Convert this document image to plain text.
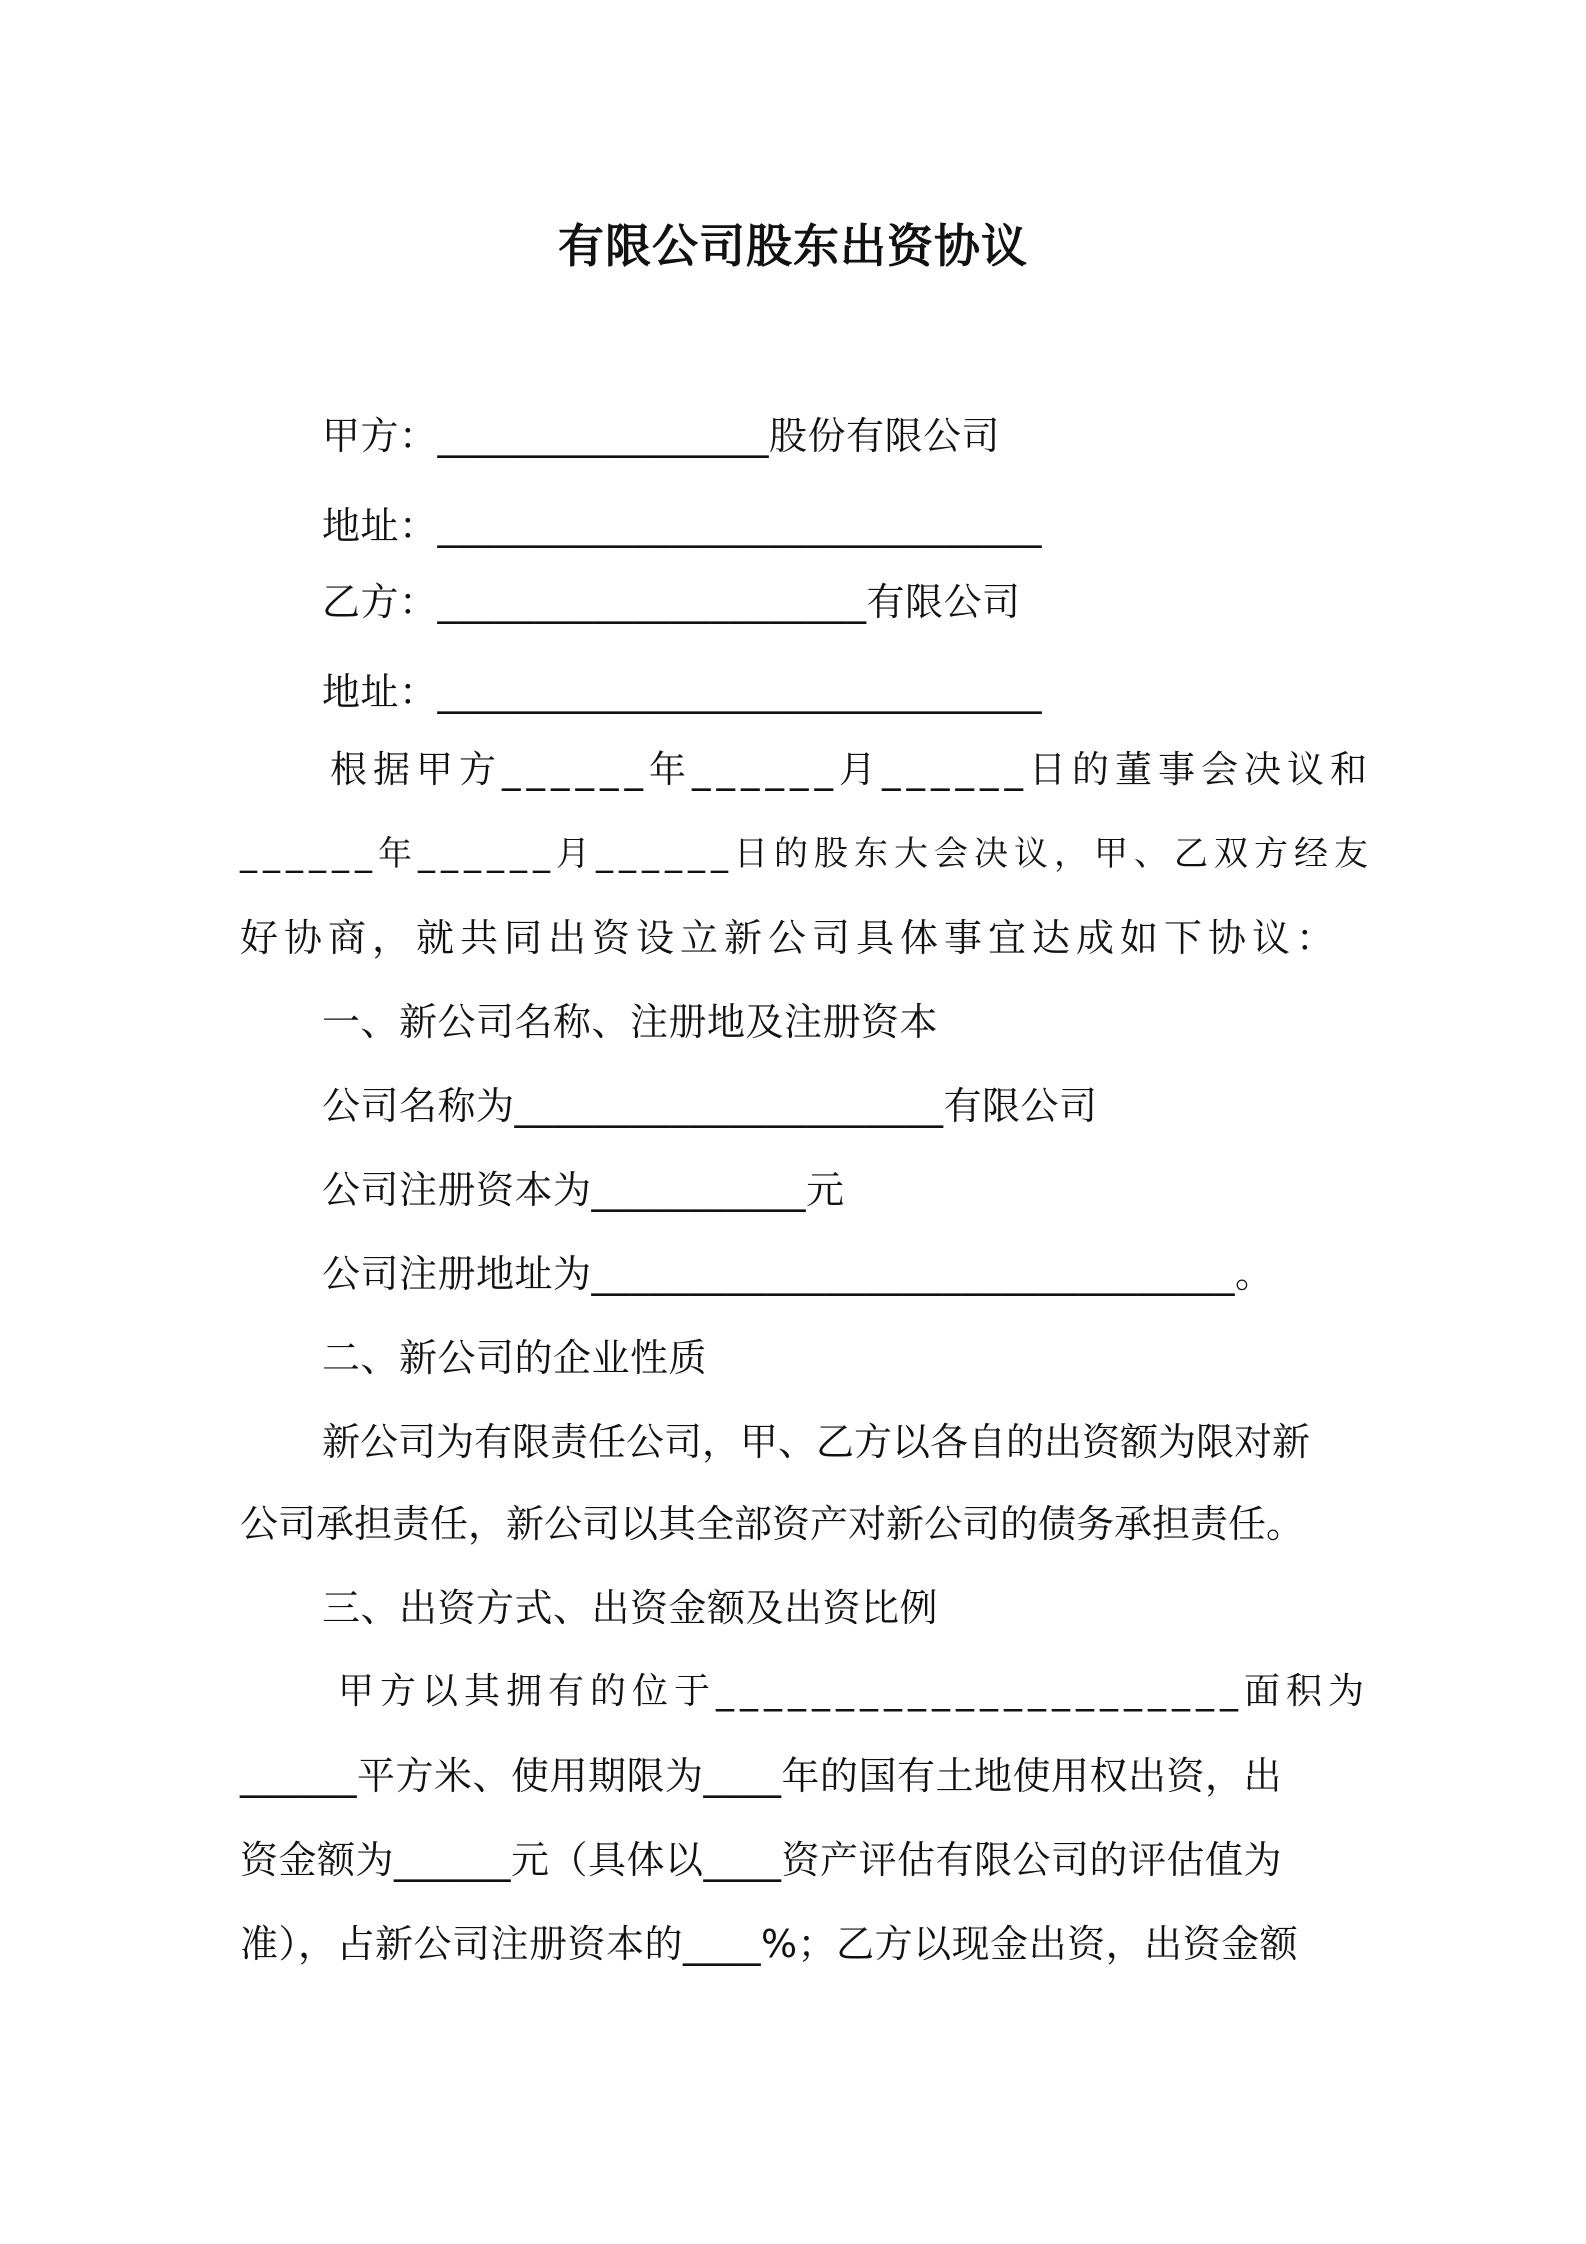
有限公司股东出资协议
甲方：_________________股份有限公司
地址：_______________________________
乙方：______________________有限公司
地址：_______________________________
根据甲方______年______月______日的董事会决议和
______年______月______日的股东大会决议，甲、乙双方经友
好协商，就共同出资设立新公司具体事宜达成如下协议：
一、新公司名称、注册地及注册资本
公司名称为______________________有限公司
公司注册资本为___________元
公司注册地址为_________________________________。
二、新公司的企业性质
新公司为有限责任公司，甲、乙方以各自的出资额为限对新
公司承担责任，新公司以其全部资产对新公司的债务承担责任。
三、出资方式、出资金额及出资比例
甲方以其拥有的位于______________________面积为
______平方米、使用期限为____年的国有土地使用权出资，出
资金额为______元（具体以____资产评估有限公司的评估值为
准），占新公司注册资本的____%；乙方以现金出资，出资金额
